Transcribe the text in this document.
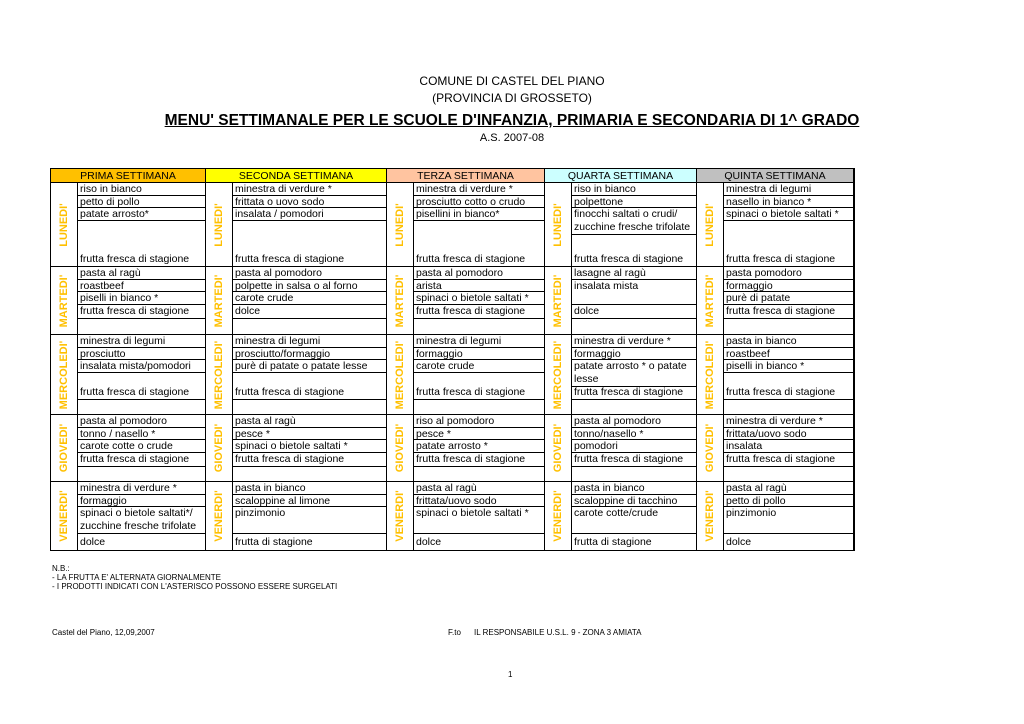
COMUNE DI CASTEL DEL PIANO
(PROVINCIA DI GROSSETO)
MENU' SETTIMANALE PER LE SCUOLE D'INFANZIA, PRIMARIA E SECONDARIA DI 1^ GRADO
A.S. 2007-08
PRIMA SETTIMANA
LUNEDI'
riso in bianco
petto di pollo
patate arrosto*
frutta fresca di stagione
MARTEDI'
pasta al ragù
roastbeef
piselli in bianco *
frutta fresca di stagione
MERCOLEDI' minestra di legumi
prosciutto
insalata mista/pomodori
frutta fresca di stagione
GIOVEDI'
pasta al pomodoro
tonno / nasello *
carote cotte o crude
frutta fresca di stagione
VENERDI'
minestra di verdure *
formaggio
spinaci o bietole saltati*/ zucchine fresche trifolate
dolce
SECONDA SETTIMANA
LUNEDI'
minestra di verdure *
frittata o uovo sodo
insalata / pomodori
frutta fresca di stagione
MARTEDI'
pasta al pomodoro
polpette in salsa o al forno
carote crude
dolce
MERCOLEDI' minestra di legumi
prosciutto/formaggio
purè di patate o patate lesse
frutta fresca di stagione
GIOVEDI'
pasta al ragù
pesce *
spinaci o bietole saltati *
frutta fresca di stagione
VENERDI'
pasta in bianco
scaloppine al limone
pinzimonio
frutta di stagione
TERZA SETTIMANA
LUNEDI'
minestra di verdure *
prosciutto cotto o crudo
pisellini in bianco*
frutta fresca di stagione
MARTEDI'
pasta al pomodoro
arista
spinaci o bietole saltati *
frutta fresca di stagione
MERCOLEDI' minestra di legumi
formaggio
carote crude
frutta fresca di stagione
GIOVEDI'
riso al pomodoro
pesce *
patate arrosto *
frutta fresca di stagione
VENERDI'
pasta al ragù
frittata/uovo sodo
spinaci o bietole saltati *
dolce
QUARTA SETTIMANA
LUNEDI'
riso in bianco
polpettone
finocchi saltati o crudi/ zucchine fresche trifolate
frutta fresca di stagione
MARTEDI'
lasagne al ragù
insalata mista
dolce
MERCOLEDI' minestra di verdure *
formaggio
patate arrosto * o patate lesse
frutta fresca di stagione
GIOVEDI'
pasta al pomodoro
tonno/nasello *
pomodori
frutta fresca di stagione
VENERDI'
pasta in bianco
scaloppine di tacchino
carote cotte/crude
frutta di stagione
QUINTA SETTIMANA
LUNEDI'
minestra di legumi
nasello in bianco *
spinaci o bietole saltati *
frutta fresca di stagione
MARTEDI'
pasta pomodoro
formaggio
purè di patate
frutta fresca di stagione
MERCOLEDI' pasta in bianco
roastbeef
piselli in bianco *
frutta fresca di stagione
GIOVEDI'
minestra di verdure *
frittata/uovo sodo
insalata
frutta fresca di stagione
VENERDI'
pasta al ragù
petto di pollo
pinzimonio
dolce
N.B.:
- LA FRUTTA E' ALTERNATA GIORNALMENTE
- I PRODOTTI INDICATI CON L'ASTERISCO POSSONO ESSERE SURGELATI
Castel del Piano, 12,09,2007	F.to IL RESPONSABILE U.S.L. 9 - ZONA 3 AMIATA
1
